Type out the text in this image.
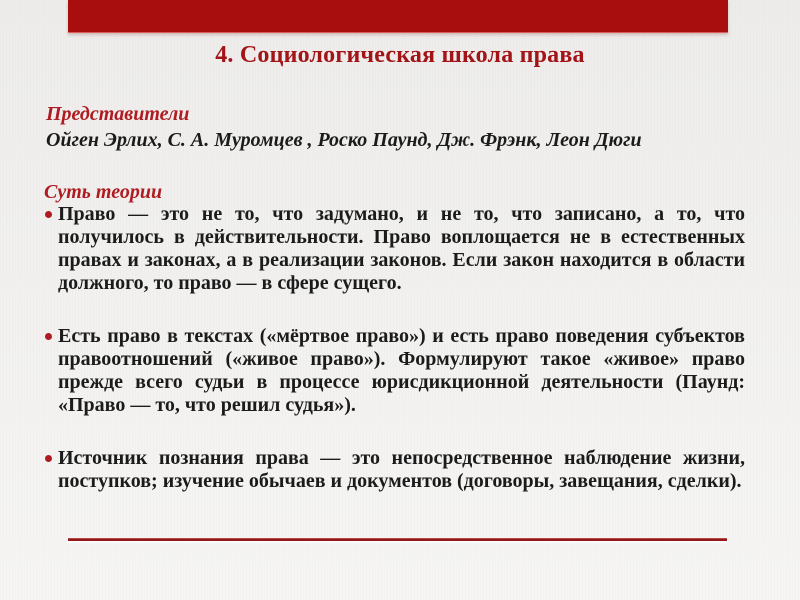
4. Социологическая школа права
Представители
Ойген Эрлих, С. А. Муромцев , Роско Паунд, Дж. Фрэнк, Леон Дюги
Суть теории
Право — это не то, что задумано, и не то, что записано, а то, что получилось в действительности. Право воплощается не в естественных правах и законах, а в реализации законов. Если закон находится в области должного, то право — в сфере сущего.
Есть право в текстах («мёртвое право») и есть право поведения субъектов правоотношений («живое право»). Формулируют такое «живое» право прежде всего судьи в процессе юрисдикционной деятельности (Паунд: «Право — то, что решил судья»).
Источник познания права — это непосредственное наблюдение жизни, поступков; изучение обычаев и документов (договоры, завещания, сделки).
